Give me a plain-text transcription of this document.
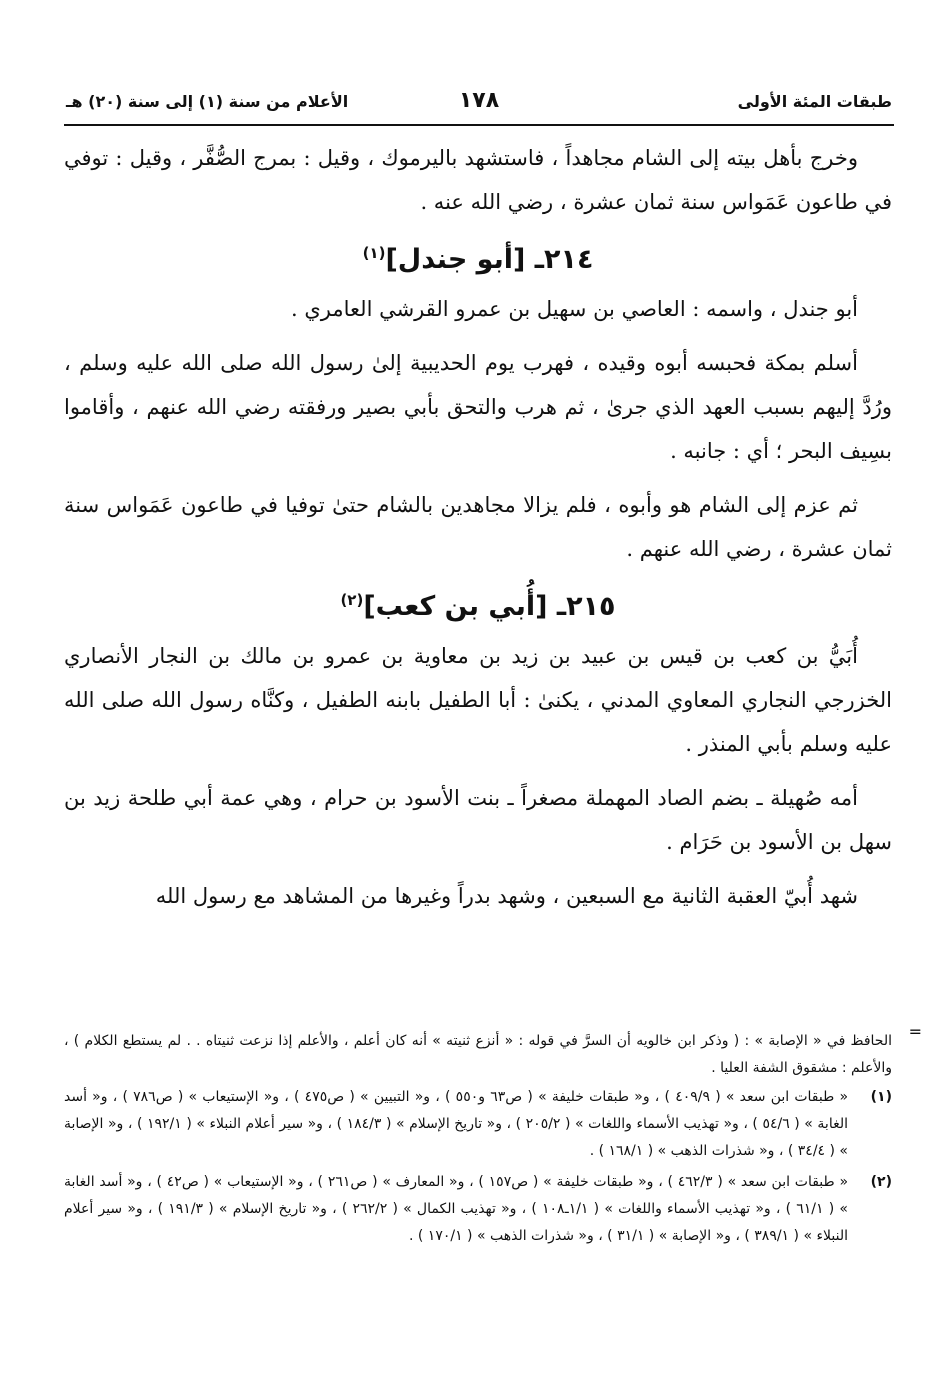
طبقات المئة الأولى
١٧٨
الأعلام من سنة (١) إلى سنة (٢٠) هـ

وخرج بأهل بيته إلى الشام مجاهداً ، فاستشهد باليرموك ، وقيل : بمرج الصُّفَّر ، وقيل : توفي في طاعون عَمَواس سنة ثمان عشرة ، رضي الله عنه .

٢١٤ـ [أبو جندل]$^{(١)}$

أبو جندل ، واسمه : العاصي بن سهيل بن عمرو القرشي العامري .

أسلم بمكة فحبسه أبوه وقيده ، فهرب يوم الحديبية إلىٰ رسول الله صلى الله عليه وسلم ، ورُدَّ إليهم بسبب العهد الذي جرىٰ ، ثم هرب والتحق بأبي بصير ورفقته رضي الله عنهم ، وأقاموا بسِيف البحر ؛ أي : جانبه .

ثم عزم إلى الشام هو وأبوه ، فلم يزالا مجاهدين بالشام حتىٰ توفيا في طاعون عَمَواس سنة ثمان عشرة ، رضي الله عنهم .

٢١٥ـ [أُبي بن كعب]$^{(٢)}$

أُبَيُّ بن كعب بن قيس بن عبيد بن زيد بن معاوية بن عمرو بن مالك بن النجار الأنصاري الخزرجي النجاري المعاوي المدني ، يكنىٰ : أبا الطفيل بابنه الطفيل ، وكنَّاه رسول الله صلى الله عليه وسلم بأبي المنذر .

أمه صُهيلة ـ بضم الصاد المهملة مصغراً ـ بنت الأسود بن حرام ، وهي عمة أبي طلحة زيد بن سهل بن الأسود بن حَرَام .

شهد أُبيّ العقبة الثانية مع السبعين ، وشهد بدراً وغيرها من المشاهد مع رسول الله

=

الحافظ في « الإصابة » : ( وذكر ابن خالويه أن السرَّ في قوله : « أنزع ثنيته » أنه كان أعلم ، والأعلم إذا نزعت ثنيتاه . . لم يستطع الكلام ) ، والأعلم : مشقوق الشفة العليا .

(١)
« طبقات ابن سعد » ( ٤٠٩/٩ ) ، و« طبقات خليفة » ( ص٦٣ و٥٥٠ ) ، و« التبيين » ( ص٤٧٥ ) ، و« الإستيعاب » ( ص٧٨٦ ) ، و« أسد الغابة » ( ٥٤/٦ ) ، و« تهذيب الأسماء واللغات » ( ٢٠٥/٢ ) ، و« تاريخ الإسلام » ( ١٨٤/٣ ) ، و« سير أعلام النبلاء » ( ١٩٢/١ ) ، و« الإصابة » ( ٣٤/٤ ) ، و« شذرات الذهب » ( ١٦٨/١ ) .
(٢)
« طبقات ابن سعد » ( ٤٦٢/٣ ) ، و« طبقات خليفة » ( ص١٥٧ ) ، و« المعارف » ( ص٢٦١ ) ، و« الإستيعاب » ( ص٤٢ ) ، و« أسد الغابة » ( ٦١/١ ) ، و« تهذيب الأسماء واللغات » ( ١/١ـ١٠٨ ) ، و« تهذيب الكمال » ( ٢٦٢/٢ ) ، و« تاريخ الإسلام » ( ١٩١/٣ ) ، و« سير أعلام النبلاء » ( ٣٨٩/١ ) ، و« الإصابة » ( ٣١/١ ) ، و« شذرات الذهب » ( ١٧٠/١ ) .
